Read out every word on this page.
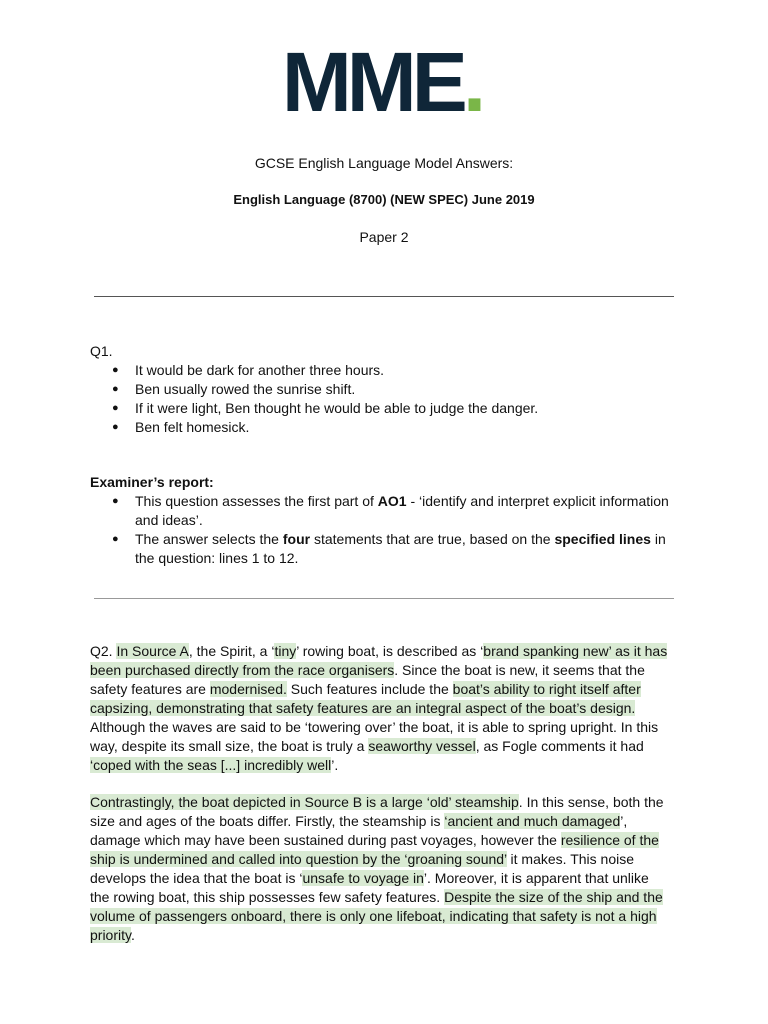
MME.
GCSE English Language Model Answers:
English Language (8700) (NEW SPEC) June 2019
Paper 2
Q1.
● It would be dark for another three hours.
● Ben usually rowed the sunrise shift.
● If it were light, Ben thought he would be able to judge the danger.
● Ben felt homesick.
Examiner’s report:
● This question assesses the first part of AO1 - ‘identify and interpret explicit information and ideas’.
● The answer selects the four statements that are true, based on the specified lines in the question: lines 1 to 12.
Q2. In Source A, the Spirit, a ‘tiny’ rowing boat, is described as ‘brand spanking new’ as it has been purchased directly from the race organisers. Since the boat is new, it seems that the safety features are modernised. Such features include the boat’s ability to right itself after capsizing, demonstrating that safety features are an integral aspect of the boat’s design. Although the waves are said to be ‘towering over’ the boat, it is able to spring upright. In this way, despite its small size, the boat is truly a seaworthy vessel, as Fogle comments it had ‘coped with the seas [...] incredibly well’.
Contrastingly, the boat depicted in Source B is a large ‘old’ steamship. In this sense, both the size and ages of the boats differ. Firstly, the steamship is ‘ancient and much damaged’, damage which may have been sustained during past voyages, however the resilience of the ship is undermined and called into question by the ‘groaning sound’ it makes. This noise develops the idea that the boat is ‘unsafe to voyage in’. Moreover, it is apparent that unlike the rowing boat, this ship possesses few safety features. Despite the size of the ship and the volume of passengers onboard, there is only one lifeboat, indicating that safety is not a high priority.
